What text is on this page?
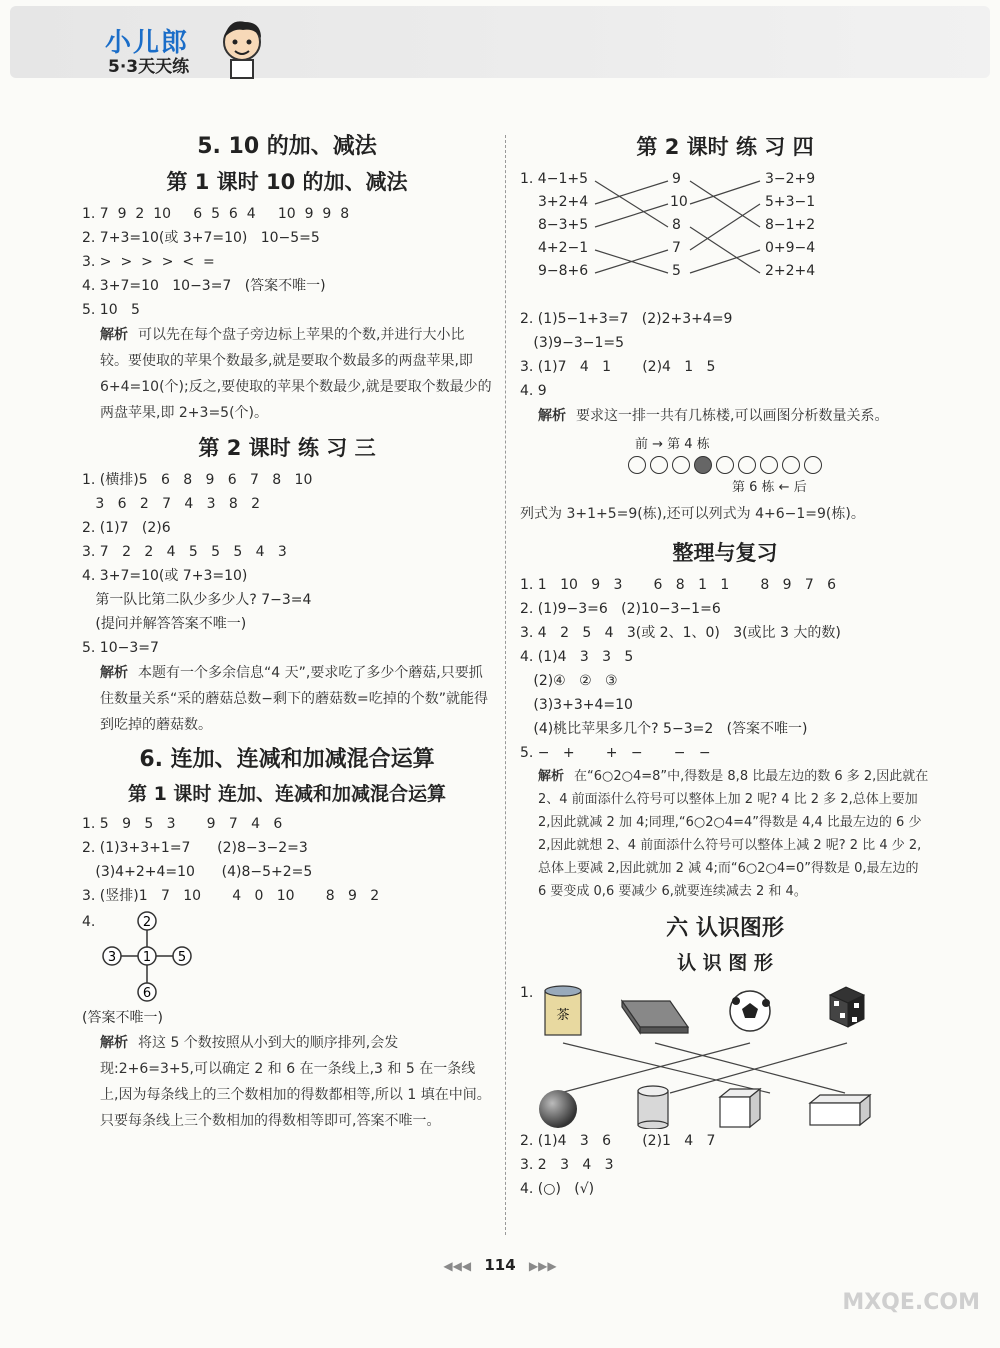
小儿郎
5·3天天练
5. 10 的加、减法
第 1 课时 10 的加、减法
1. 7  9  2  10     6  5  6  4     10  9  9  8
2. 7+3=10(或 3+7=10)   10−5=5
3. >  >  >  >  <  =
4. 3+7=10   10−3=7   (答案不唯一)
5. 10   5
解析 可以先在每个盘子旁边标上苹果的个数,并进行大小比较。要使取的苹果个数最多,就是要取个数最多的两盘苹果,即 6+4=10(个);反之,要使取的苹果个数最少,就是要取个数最少的两盘苹果,即 2+3=5(个)。
第 2 课时 练 习 三
1. (横排)5   6   8   9   6   7   8   10
3   6   2   7   4   3   8   2
2. (1)7   (2)6
3. 7   2   2   4   5   5   5   4   3
4. 3+7=10(或 7+3=10)
第一队比第二队少多少人? 7−3=4
(提问并解答答案不唯一)
5. 10−3=7
解析 本题有一个多余信息“4 天”,要求吃了多少个蘑菇,只要抓住数量关系“采的蘑菇总数−剩下的蘑菇数=吃掉的个数”就能得到吃掉的蘑菇数。
6. 连加、连减和加减混合运算
第 1 课时 连加、连减和加减混合运算
1. 5   9   5   3       9   7   4   6
2. (1)3+3+1=7      (2)8−3−2=3
(3)4+2+4=10      (4)8−5+2=5
3. (竖排)1   7   10       4   0   10       8   9   2
4.	2
3 1 5
6
(答案不唯一)
解析 将这 5 个数按照从小到大的顺序排列,会发现:2+6=3+5,可以确定 2 和 6 在一条线上,3 和 5 在一条线上,因为每条线上的三个数相加的得数都相等,所以 1 填在中间。只要每条线上三个数相加的得数相等即可,答案不唯一。
第 2 课时 练 习 四
1. 4−1+5
3+2+4
8−3+5
4+2−1
9−8+6
9
10
8
7
5
3−2+9
5+3−1
8−1+2
0+9−4
2+2+4
2. (1)5−1+3=7   (2)2+3+4=9
(3)9−3−1=5
3. (1)7   4   1       (2)4   1   5
4. 9
解析 要求这一排一共有几栋楼,可以画图分析数量关系。
前 → 第 4 栋
第 6 栋 ← 后
列式为 3+1+5=9(栋),还可以列式为 4+6−1=9(栋)。
整理与复习
1. 1   10   9   3       6   8   1   1       8   9   7   6
2. (1)9−3=6   (2)10−3−1=6
3. 4   2   5   4   3(或 2、1、0)   3(或比 3 大的数)
4. (1)4   3   3   5
(2)④   ②   ③
(3)3+3+4=10
(4)桃比苹果多几个? 5−3=2   (答案不唯一)
5. −   +       +   −       −   −
解析 在“6○2○4=8”中,得数是 8,8 比最左边的数 6 多 2,因此就在 2、4 前面添什么符号可以整体上加 2 呢? 4 比 2 多 2,总体上要加 2,因此就减 2 加 4;同理,“6○2○4=4”得数是 4,4 比最左边的 6 少 2,因此就想 2、4 前面添什么符号可以整体上减 2 呢? 2 比 4 少 2,总体上要减 2,因此就加 2 减 4;而“6○2○4=0”得数是 0,最左边的 6 要变成 0,6 要减少 6,就要连续减去 2 和 4。
六 认识图形
认 识 图 形
1.
茶
2. (1)4   3   6       (2)1   4   7
3. 2   3   4   3
4. (○)   (√)
◀◀◀ 114 ▶▶▶
MXQE.COM
